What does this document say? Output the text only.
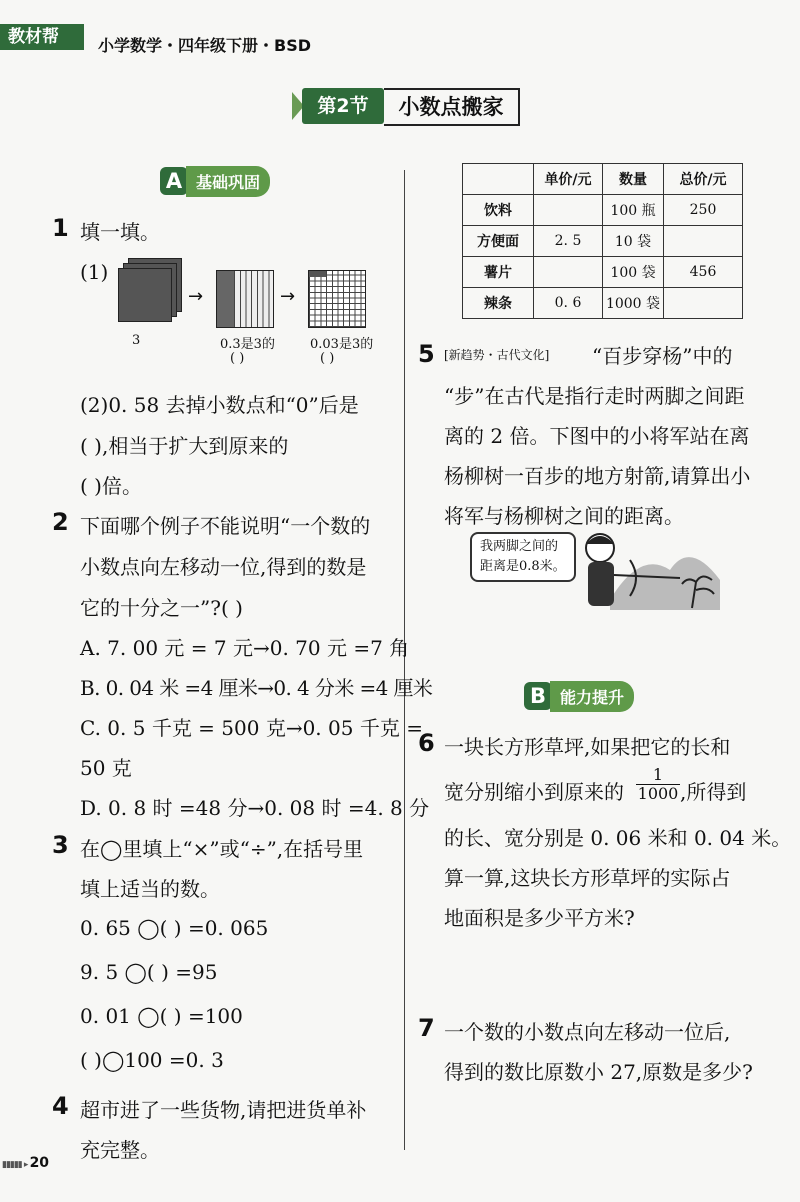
教材帮	小学数学・四年级下册・BSD
第2节	小数点搬家
A 基础巩固
1 填一填。
(1)
3
→
0.3是3的
( )
→
0.03是3的
( )
(2)0. 58 去掉小数点和“0”后是
( ),相当于扩大到原来的
( )倍。
2 下面哪个例子不能说明“一个数的
小数点向左移动一位,得到的数是
它的十分之一”?( )
A. 7. 00 元 = 7 元→0. 70 元 =7 角
B. 0. 04 米 =4 厘米→0. 4 分米 =4 厘米
C. 0. 5 千克 = 500 克→0. 05 千克 =
50 克
D. 0. 8 时 =48 分→0. 08 时 =4. 8 分
3 在◯里填上“×”或“÷”,在括号里
填上适当的数。
0. 65 ◯( ) =0. 065
9. 5 ◯( ) =95
0. 01 ◯( ) =100
( )◯100 =0. 3
4 超市进了一些货物,请把进货单补
充完整。
	单价/元	数量	总价/元
饮料		100 瓶	250
方便面	2. 5	10 袋	
薯片		100 袋	456
辣条	0. 6	1000 袋	
5 [新趋势・古代文化] “百步穿杨”中的
“步”在古代是指行走时两脚之间距
离的 2 倍。下图中的小将军站在离
杨柳树一百步的地方射箭,请算出小
将军与杨柳树之间的距离。
我两脚之间的
距离是0.8米。
B 能力提升
6 一块长方形草坪,如果把它的长和
宽分别缩小到原来的 $\frac{1}{1000}$ ,所得到
的长、宽分别是 0. 06 米和 0. 04 米。
算一算,这块长方形草坪的实际占
地面积是多少平方米?
7 一个数的小数点向左移动一位后,
得到的数比原数小 27,原数是多少?
▮▮▮▮▮ ▸ 20
